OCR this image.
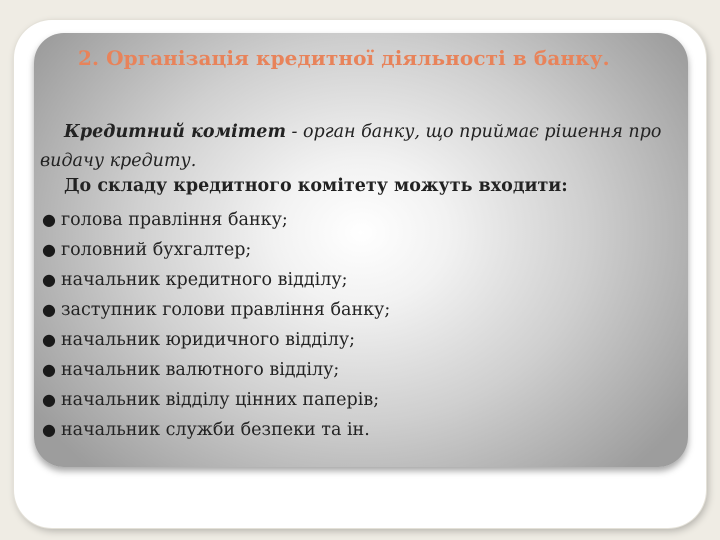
2. Організація кредитної діяльності в банку.

Кредитний комітет - орган банку, що приймає рішення про видачу кредиту.

До складу кредитного комітету можуть входити:

● голова правління банку;
● головний бухгалтер;
● начальник кредитного відділу;
● заступник голови правління банку;
● начальник юридичного відділу;
● начальник валютного відділу;
● начальник відділу цінних паперів;
● начальник служби безпеки та ін.
